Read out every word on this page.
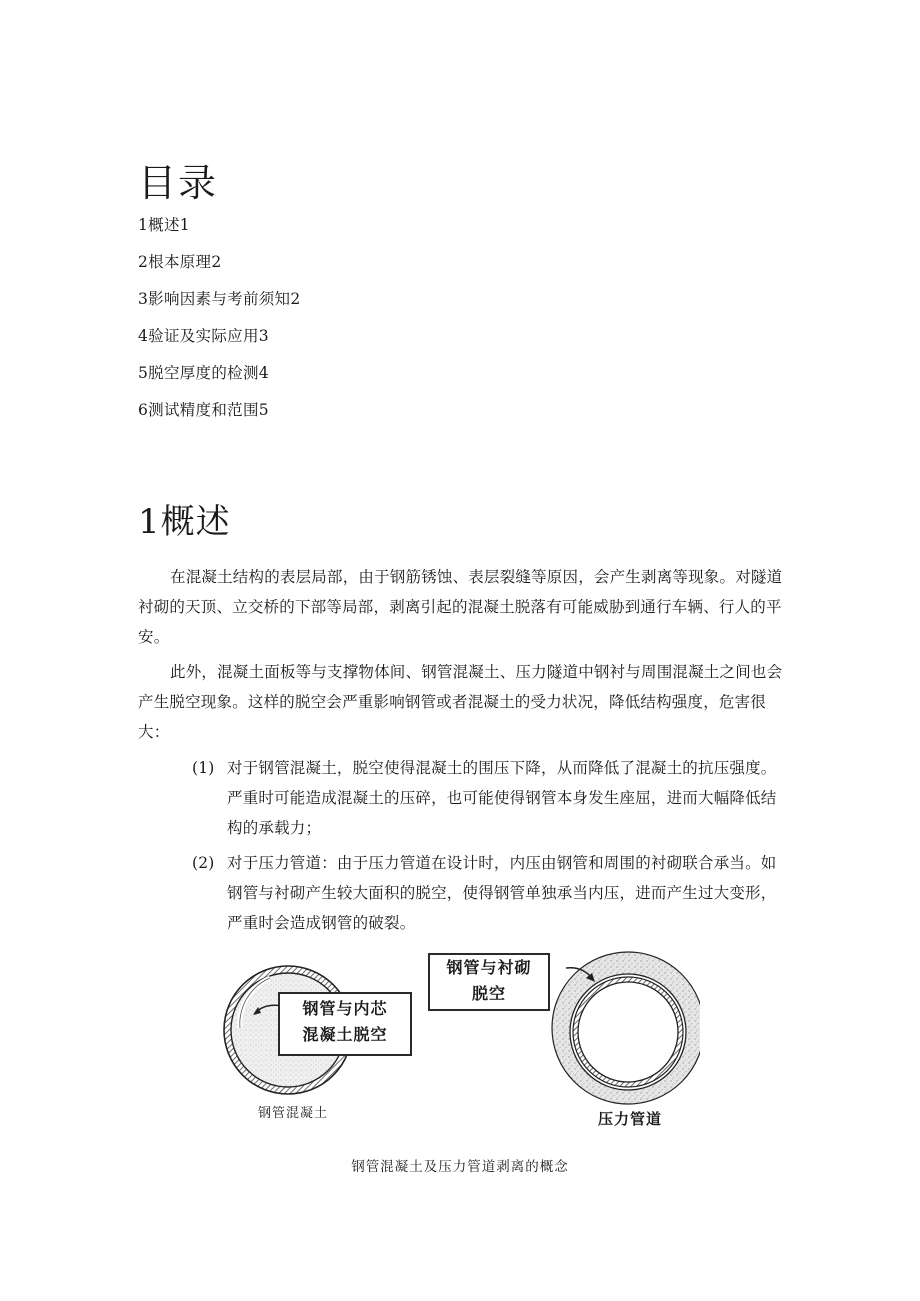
目录
1概述1
2根本原理2
3影响因素与考前须知2
4验证及实际应用3
5脱空厚度的检测4
6测试精度和范围5
1概述

在混凝土结构的表层局部，由于钢筋锈蚀、表层裂缝等原因，会产生剥离等现象。对隧道衬砌的天顶、立交桥的下部等局部，剥离引起的混凝土脱落有可能威胁到通行车辆、行人的平安。

此外，混凝土面板等与支撑物体间、钢管混凝土、压力隧道中钢衬与周围混凝土之间也会产生脱空现象。这样的脱空会严重影响钢管或者混凝土的受力状况，降低结构强度，危害很大：

(1) 对于钢管混凝土，脱空使得混凝土的围压下降，从而降低了混凝土的抗压强度。严重时可能造成混凝土的压碎，也可能使得钢管本身发生座屈，进而大幅降低结构的承载力；
(2) 对于压力管道：由于压力管道在设计时，内压由钢管和周围的衬砌联合承当。如钢管与衬砌产生较大面积的脱空，使得钢管单独承当内压，进而产生过大变形，严重时会造成钢管的破裂。
钢管与内芯
混凝土脱空
钢管混凝土
钢管与衬砌
脱空
压力管道

钢管混凝土及压力管道剥离的概念
